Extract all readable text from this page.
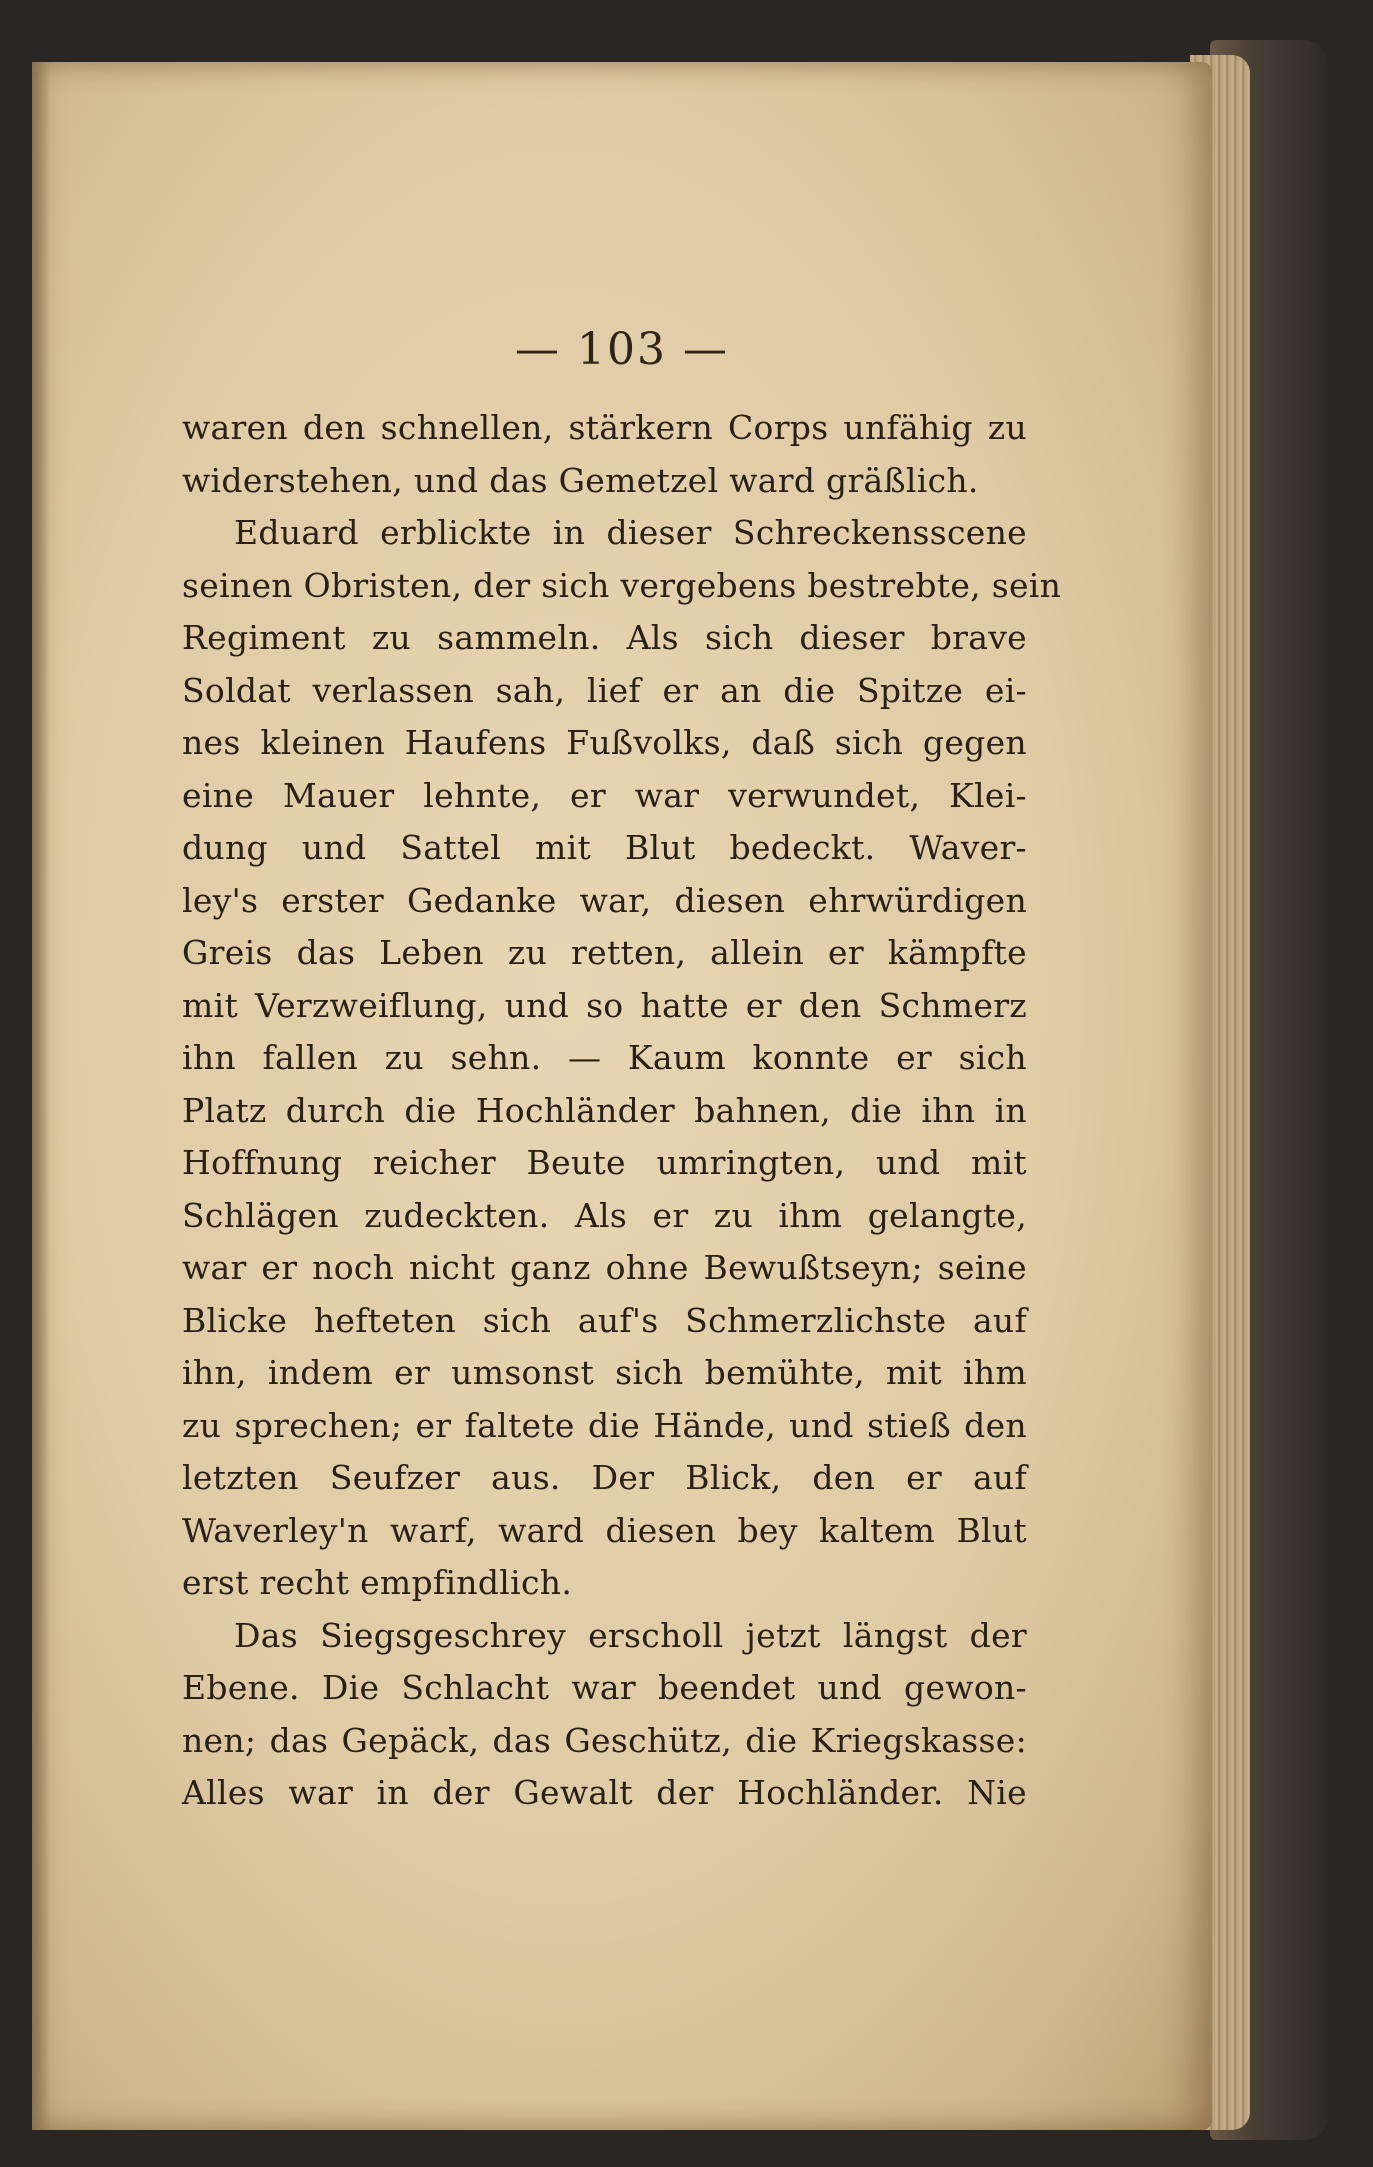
— 103 —
waren den schnellen, stärkern Corps unfähig zu
widerstehen, und das Gemetzel ward gräßlich.
Eduard erblickte in dieser Schreckensscene
seinen Obristen, der sich vergebens bestrebte, sein
Regiment zu sammeln. Als sich dieser brave
Soldat verlassen sah, lief er an die Spitze ei-
nes kleinen Haufens Fußvolks, daß sich gegen
eine Mauer lehnte, er war verwundet, Klei-
dung und Sattel mit Blut bedeckt. Waver-
ley's erster Gedanke war, diesen ehrwürdigen
Greis das Leben zu retten, allein er kämpfte
mit Verzweiflung, und so hatte er den Schmerz
ihn fallen zu sehn. — Kaum konnte er sich
Platz durch die Hochländer bahnen, die ihn in
Hoffnung reicher Beute umringten, und mit
Schlägen zudeckten. Als er zu ihm gelangte,
war er noch nicht ganz ohne Bewußtseyn; seine
Blicke hefteten sich auf's Schmerzlichste auf
ihn, indem er umsonst sich bemühte, mit ihm
zu sprechen; er faltete die Hände, und stieß den
letzten Seufzer aus. Der Blick, den er auf
Waverley'n warf, ward diesen bey kaltem Blut
erst recht empfindlich.
Das Siegsgeschrey erscholl jetzt längst der
Ebene. Die Schlacht war beendet und gewon-
nen; das Gepäck, das Geschütz, die Kriegskasse:
Alles war in der Gewalt der Hochländer. Nie
